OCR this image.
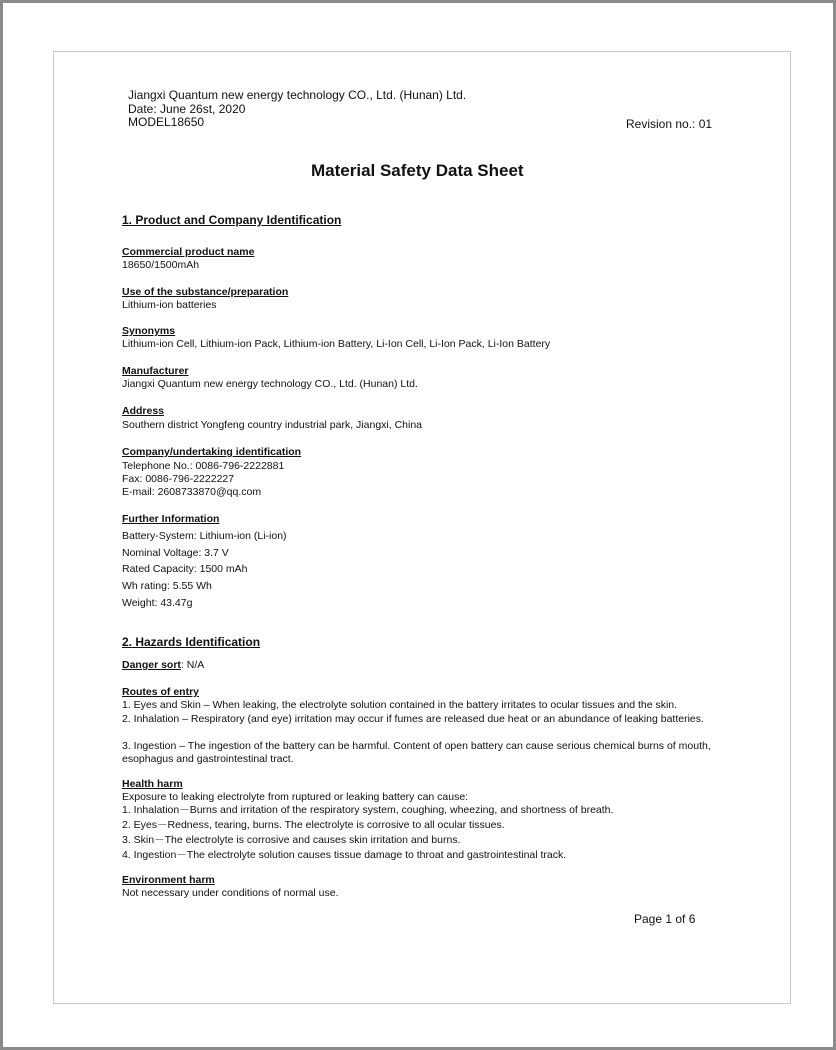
Jiangxi Quantum new energy technology CO., Ltd. (Hunan) Ltd.
Date: June 26st, 2020
MODEL18650	Revision no.: 01
Material Safety Data Sheet
1. Product and Company Identification
Commercial product name
18650/1500mAh
Use of the substance/preparation
Lithium-ion batteries
Synonyms
Lithium-ion Cell, Lithium-ion Pack, Lithium-ion Battery, Li-Ion Cell, Li-Ion Pack, Li-Ion Battery
Manufacturer
Jiangxi Quantum new energy technology CO., Ltd. (Hunan) Ltd.
Address
Southern district Yongfeng country industrial park, Jiangxi, China
Company/undertaking identification
Telephone No.: 0086-796-2222881
Fax: 0086-796-2222227
E-mail: 2608733870@qq.com
Further Information
Battery-System: Lithium-ion (Li-ion)
Nominal Voltage: 3.7 V
Rated Capacity: 1500 mAh
Wh rating: 5.55 Wh
Weight: 43.47g
2. Hazards Identification
Danger sort: N/A
Routes of entry
1. Eyes and Skin – When leaking, the electrolyte solution contained in the battery irritates to ocular tissues and the skin.
2. Inhalation – Respiratory (and eye) irritation may occur if fumes are released due heat or an abundance of leaking batteries.
3. Ingestion – The ingestion of the battery can be harmful. Content of open battery can cause serious chemical burns of mouth, esophagus and gastrointestinal tract.
Health harm
Exposure to leaking electrolyte from ruptured or leaking battery can cause:
1. Inhalation－Burns and irritation of the respiratory system, coughing, wheezing, and shortness of breath.
2. Eyes－Redness, tearing, burns. The electrolyte is corrosive to all ocular tissues.
3. Skin－The electrolyte is corrosive and causes skin irritation and burns.
4. Ingestion－The electrolyte solution causes tissue damage to throat and gastrointestinal track.
Environment harm
Not necessary under conditions of normal use.
Page 1 of 6
